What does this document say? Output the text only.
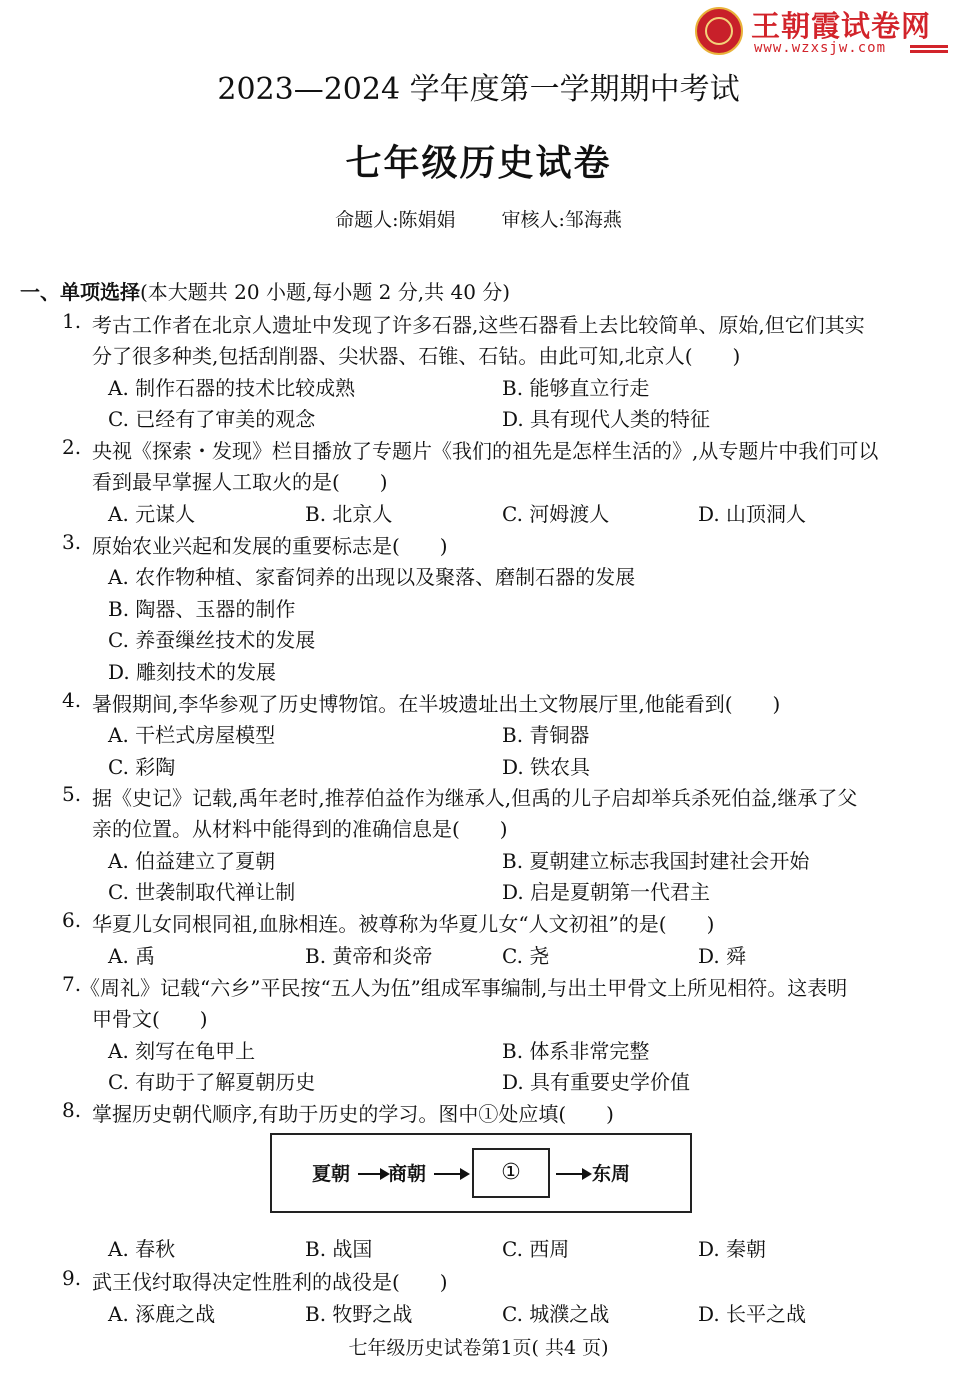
王朝霞试卷网
www.wzxsjw.com
2023—2024 学年度第一学期期中考试
七年级历史试卷
命题人:陈娟娟 审核人:邹海燕
一、单项选择(本大题共 20 小题,每小题 2 分,共 40 分)
1. 考古工作者在北京人遗址中发现了许多石器,这些石器看上去比较简单、原始,但它们其实
分了很多种类,包括刮削器、尖状器、石锥、石钻。由此可知,北京人(　　)
A. 制作石器的技术比较成熟	B. 能够直立行走
C. 已经有了审美的观念	D. 具有现代人类的特征
2. 央视《探索・发现》栏目播放了专题片《我们的祖先是怎样生活的》,从专题片中我们可以
看到最早掌握人工取火的是(　　)
A. 元谋人	B. 北京人	C. 河姆渡人	D. 山顶洞人
3. 原始农业兴起和发展的重要标志是(　　)
A. 农作物种植、家畜饲养的出现以及聚落、磨制石器的发展
B. 陶器、玉器的制作
C. 养蚕缫丝技术的发展
D. 雕刻技术的发展
4. 暑假期间,李华参观了历史博物馆。在半坡遗址出土文物展厅里,他能看到(　　)
A. 干栏式房屋模型	B. 青铜器
C. 彩陶	D. 铁农具
5. 据《史记》记载,禹年老时,推荐伯益作为继承人,但禹的儿子启却举兵杀死伯益,继承了父
亲的位置。从材料中能得到的准确信息是(　　)
A. 伯益建立了夏朝	B. 夏朝建立标志我国封建社会开始
C. 世袭制取代禅让制	D. 启是夏朝第一代君主
6. 华夏儿女同根同祖,血脉相连。被尊称为华夏儿女“人文初祖”的是(　　)
A. 禹	B. 黄帝和炎帝	C. 尧	D. 舜
7.
《周礼》记载“六乡”平民按“五人为伍”组成军事编制,与出土甲骨文上所见相符。这表明
甲骨文(　　)
A. 刻写在龟甲上	B. 体系非常完整
C. 有助于了解夏朝历史	D. 具有重要史学价值
8. 掌握历史朝代顺序,有助于历史的学习。图中①处应填(　　)
夏朝 商朝	①	东周
A. 春秋	B. 战国	C. 西周	D. 秦朝
9. 武王伐纣取得决定性胜利的战役是(　　)
A. 涿鹿之战	B. 牧野之战	C. 城濮之战	D. 长平之战
七年级历史试卷第1页( 共4 页)
